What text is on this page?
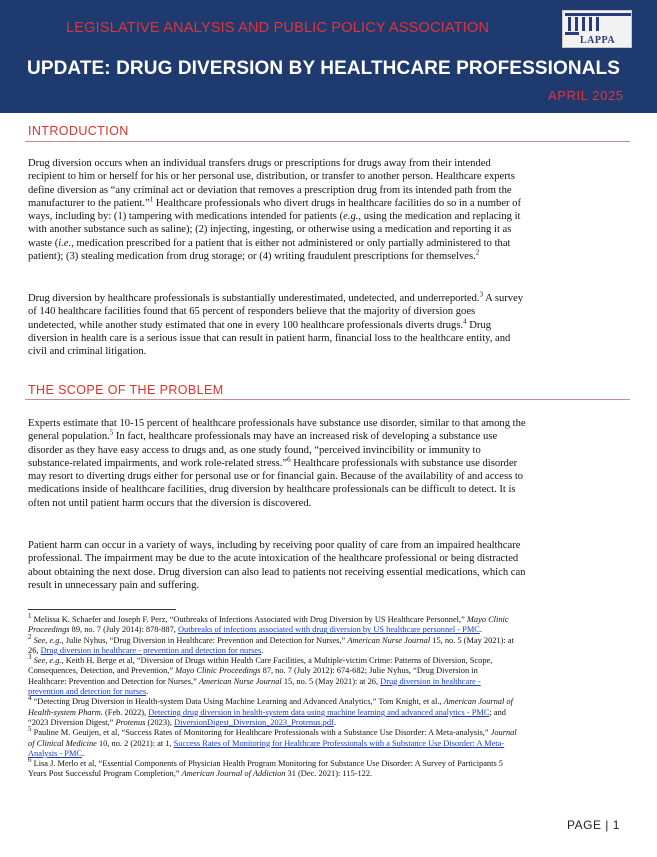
LEGISLATIVE ANALYSIS AND PUBLIC POLICY ASSOCIATION
LAPPA
UPDATE: DRUG DIVERSION BY HEALTHCARE PROFESSIONALS
APRIL 2025
INTRODUCTION
Drug diversion occurs when an individual transfers drugs or prescriptions for drugs away from their intended
recipient to him or herself for his or her personal use, distribution, or transfer to another person. Healthcare experts
define diversion as “any criminal act or deviation that removes a prescription drug from its intended path from the
manufacturer to the patient.”$^1$ Healthcare professionals who divert drugs in healthcare facilities do so in a number of
ways, including by: (1) tampering with medications intended for patients (e.g., using the medication and replacing it
with another substance such as saline); (2) injecting, ingesting, or otherwise using a medication and reporting it as
waste (i.e., medication prescribed for a patient that is either not administered or only partially administered to that
patient); (3) stealing medication from drug storage; or (4) writing fraudulent prescriptions for themselves.$^2$
Drug diversion by healthcare professionals is substantially underestimated, undetected, and underreported.$^3$ A survey
of 140 healthcare facilities found that 65 percent of responders believe that the majority of diversion goes
undetected, while another study estimated that one in every 100 healthcare professionals diverts drugs.$^4$ Drug
diversion in health care is a serious issue that can result in patient harm, financial loss to the healthcare entity, and
civil and criminal litigation.
THE SCOPE OF THE PROBLEM
Experts estimate that 10-15 percent of healthcare professionals have substance use disorder, similar to that among the
general population.$^5$ In fact, healthcare professionals may have an increased risk of developing a substance use
disorder as they have easy access to drugs and, as one study found, “perceived invincibility or immunity to
substance-related impairments, and work role-related stress.”$^6$ Healthcare professionals with substance use disorder
may resort to diverting drugs either for personal use or for financial gain. Because of the availability of and access to
medications inside of healthcare facilities, drug diversion by healthcare professionals can be difficult to detect. It is
often not until patient harm occurs that the diversion is discovered.
Patient harm can occur in a variety of ways, including by receiving poor quality of care from an impaired healthcare
professional. The impairment may be due to the acute intoxication of the healthcare professional or being distracted
about obtaining the next dose. Drug diversion can also lead to patients not receiving essential medications, which can
result in unnecessary pain and suffering.
$^1$ Melissa K. Schaefer and Joseph F. Perz, “Outbreaks of Infections Associated with Drug Diversion by US Healthcare Personnel,” Mayo Clinic
Proceedings 89, no. 7 (July 2014): 878-887, Outbreaks of infections associated with drug diversion by US healthcare personnel - PMC.
$^2$ See, e.g., Julie Nyhus, “Drug Diversion in Healthcare: Prevention and Detection for Nurses,” American Nurse Journal 15, no. 5 (May 2021): at
26, Drug diversion in healthcare - prevention and detection for nurses.
$^3$ See, e.g., Keith H. Berge et al, “Diversion of Drugs within Health Care Facilities, a Multiple-victim Crime: Patterns of Diversion, Scope,
Consequences, Detection, and Prevention,” Mayo Clinic Proceedings 87, no. 7 (July 2012): 674-682; Julie Nyhus, “Drug Diversion in
Healthcare: Prevention and Detection for Nurses,” American Nurse Journal 15, no. 5 (May 2021): at 26, Drug diversion in healthcare -
prevention and detection for nurses.
$^4$ “Detecting Drug Diversion in Health-system Data Using Machine Learning and Advanced Analytics,” Tom Knight, et al., American Journal of
Health-system Pharm. (Feb. 2022), Detecting drug diversion in health-system data using machine learning and advanced analytics - PMC; and
“2023 Diversion Digest,” Protenus (2023), DiversionDigest_Diversion_2023_Protenus.pdf.
$^5$ Pauline M. Geuijen, et al, “Success Rates of Monitoring for Healthcare Professionals with a Substance Use Disorder: A Meta-analysis,” Journal
of Clinical Medicine 10, no. 2 (2021): at 1, Success Rates of Monitoring for Healthcare Professionals with a Substance Use Disorder: A Meta-
Analysis - PMC.
$^6$ Lisa J. Merlo et al, “Essential Components of Physician Health Program Monitoring for Substance Use Disorder: A Survey of Participants 5
Years Post Successful Program Completion,” American Journal of Addiction 31 (Dec. 2021): 115-122.
PAGE | 1
